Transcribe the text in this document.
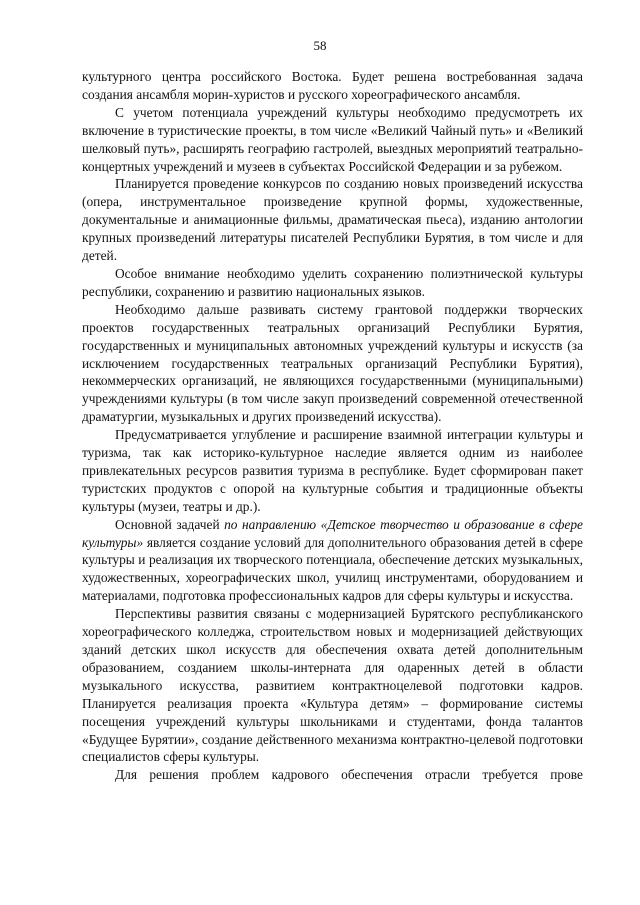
58

культурного центра российского Востока. Будет решена востребованная задача создания ансамбля морин-хуристов и русского хореографического ансамбля.

С учетом потенциала учреждений культуры необходимо предусмотреть их включение в туристические проекты, в том числе «Великий Чайный путь» и «Великий шелковый путь», расширять географию гастролей, выездных мероприятий театрально-концертных учреждений и музеев в субъектах Российской Федерации и за рубежом.

Планируется проведение конкурсов по созданию новых произведений искусства (опера, инструментальное произведение крупной формы, художественные, документальные и анимационные фильмы, драматическая пьеса), изданию антологии крупных произведений литературы писателей Республики Бурятия, в том числе и для детей.

Особое внимание необходимо уделить сохранению полиэтнической культуры республики, сохранению и развитию национальных языков.

Необходимо дальше развивать систему грантовой поддержки творческих проектов государственных театральных организаций Республики Бурятия, государственных и муниципальных автономных учреждений культуры и искусств (за исключением государственных театральных организаций Республики Бурятия), некоммерческих организаций, не являющихся государственными (муниципальными) учреждениями культуры (в том числе закуп произведений современной отечественной драматургии, музыкальных и других произведений искусства).

Предусматривается углубление и расширение взаимной интеграции культуры и туризма, так как историко-культурное наследие является одним из наиболее привлекательных ресурсов развития туризма в республике. Будет сформирован пакет туристских продуктов с опорой на культурные события и традиционные объекты культуры (музеи, театры и др.).

Основной задачей по направлению «Детское творчество и образование в сфере культуры» является создание условий для дополнительного образования детей в сфере культуры и реализация их творческого потенциала, обеспечение детских музыкальных, художественных, хореографических школ, училищ инструментами, оборудованием и материалами, подготовка профессиональных кадров для сферы культуры и искусства.

Перспективы развития связаны с модернизацией Бурятского республиканского хореографического колледжа, строительством новых и модернизацией действующих зданий детских школ искусств для обеспечения охвата детей дополнительным образованием, созданием школы-интерната для одаренных детей в области музыкального искусства, развитием контрактноцелевой подготовки кадров. Планируется реализация проекта «Культура детям» – формирование системы посещения учреждений культуры школьниками и студентами, фонда талантов «Будущее Бурятии», создание действенного механизма контрактно-целевой подготовки специалистов сферы культуры.

Для решения проблем кадрового обеспечения отрасли требуется прове
